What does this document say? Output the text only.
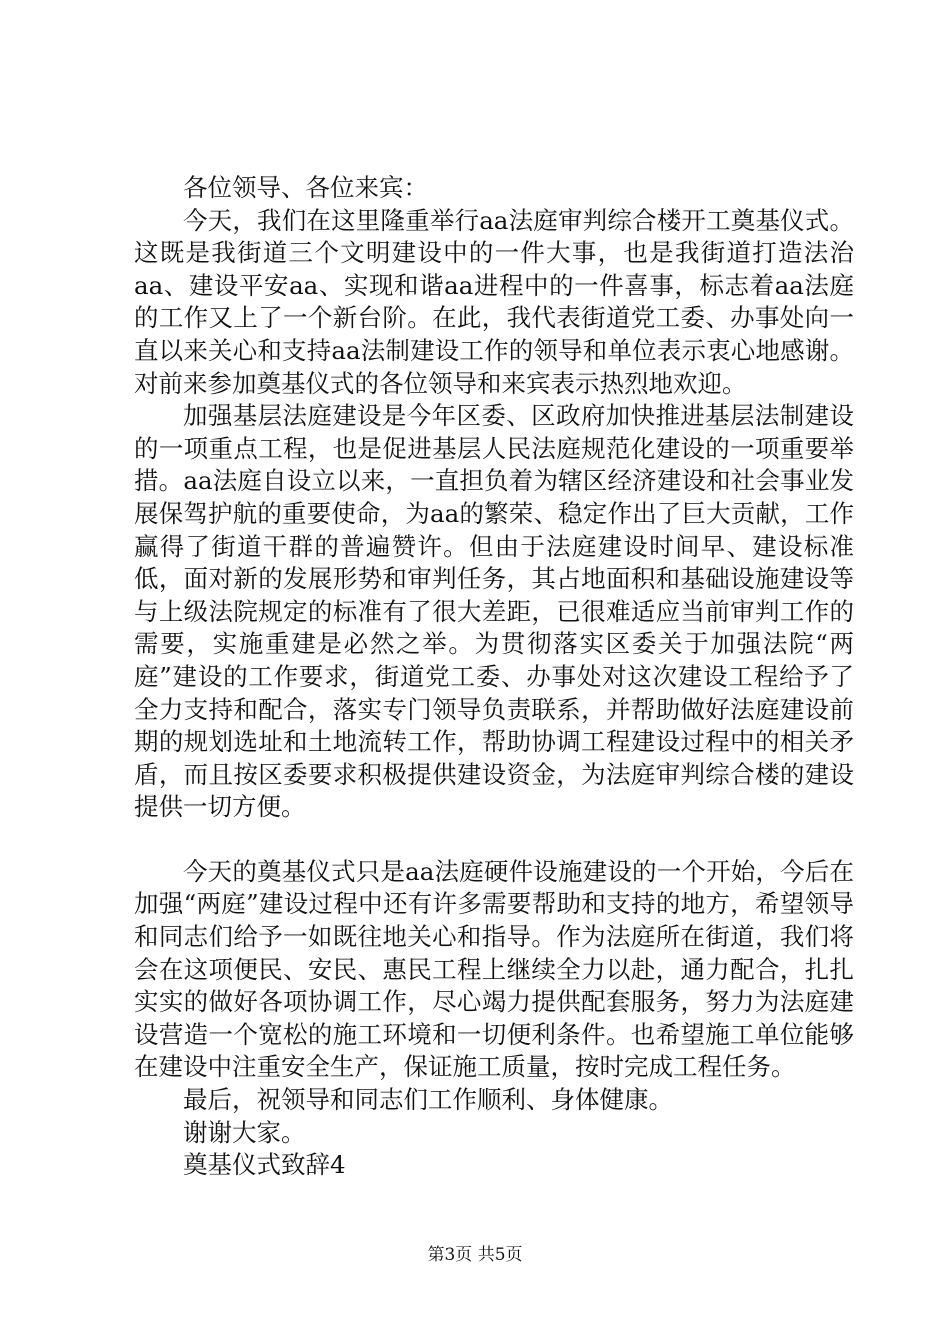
各位领导、各位来宾：

今天，我们在这里隆重举行aa法庭审判综合楼开工奠基仪式。这既是我街道三个文明建设中的一件大事，也是我街道打造法治aa、建设平安aa、实现和谐aa进程中的一件喜事，标志着aa法庭的工作又上了一个新台阶。在此，我代表街道党工委、办事处向一直以来关心和支持aa法制建设工作的领导和单位表示衷心地感谢。对前来参加奠基仪式的各位领导和来宾表示热烈地欢迎。

加强基层法庭建设是今年区委、区政府加快推进基层法制建设的一项重点工程，也是促进基层人民法庭规范化建设的一项重要举措。aa法庭自设立以来，一直担负着为辖区经济建设和社会事业发展保驾护航的重要使命，为aa的繁荣、稳定作出了巨大贡献，工作赢得了街道干群的普遍赞许。但由于法庭建设时间早、建设标准低，面对新的发展形势和审判任务，其占地面积和基础设施建设等与上级法院规定的标准有了很大差距，已很难适应当前审判工作的需要，实施重建是必然之举。为贯彻落实区委关于加强法院“两庭”建设的工作要求，街道党工委、办事处对这次建设工程给予了全力支持和配合，落实专门领导负责联系，并帮助做好法庭建设前期的规划选址和土地流转工作，帮助协调工程建设过程中的相关矛盾，而且按区委要求积极提供建设资金，为法庭审判综合楼的建设提供一切方便。

今天的奠基仪式只是aa法庭硬件设施建设的一个开始，今后在加强“两庭”建设过程中还有许多需要帮助和支持的地方，希望领导和同志们给予一如既往地关心和指导。作为法庭所在街道，我们将会在这项便民、安民、惠民工程上继续全力以赴，通力配合，扎扎实实的做好各项协调工作，尽心竭力提供配套服务，努力为法庭建设营造一个宽松的施工环境和一切便利条件。也希望施工单位能够在建设中注重安全生产，保证施工质量，按时完成工程任务。

最后，祝领导和同志们工作顺利、身体健康。

谢谢大家。

奠基仪式致辞4

第3页 共5页
